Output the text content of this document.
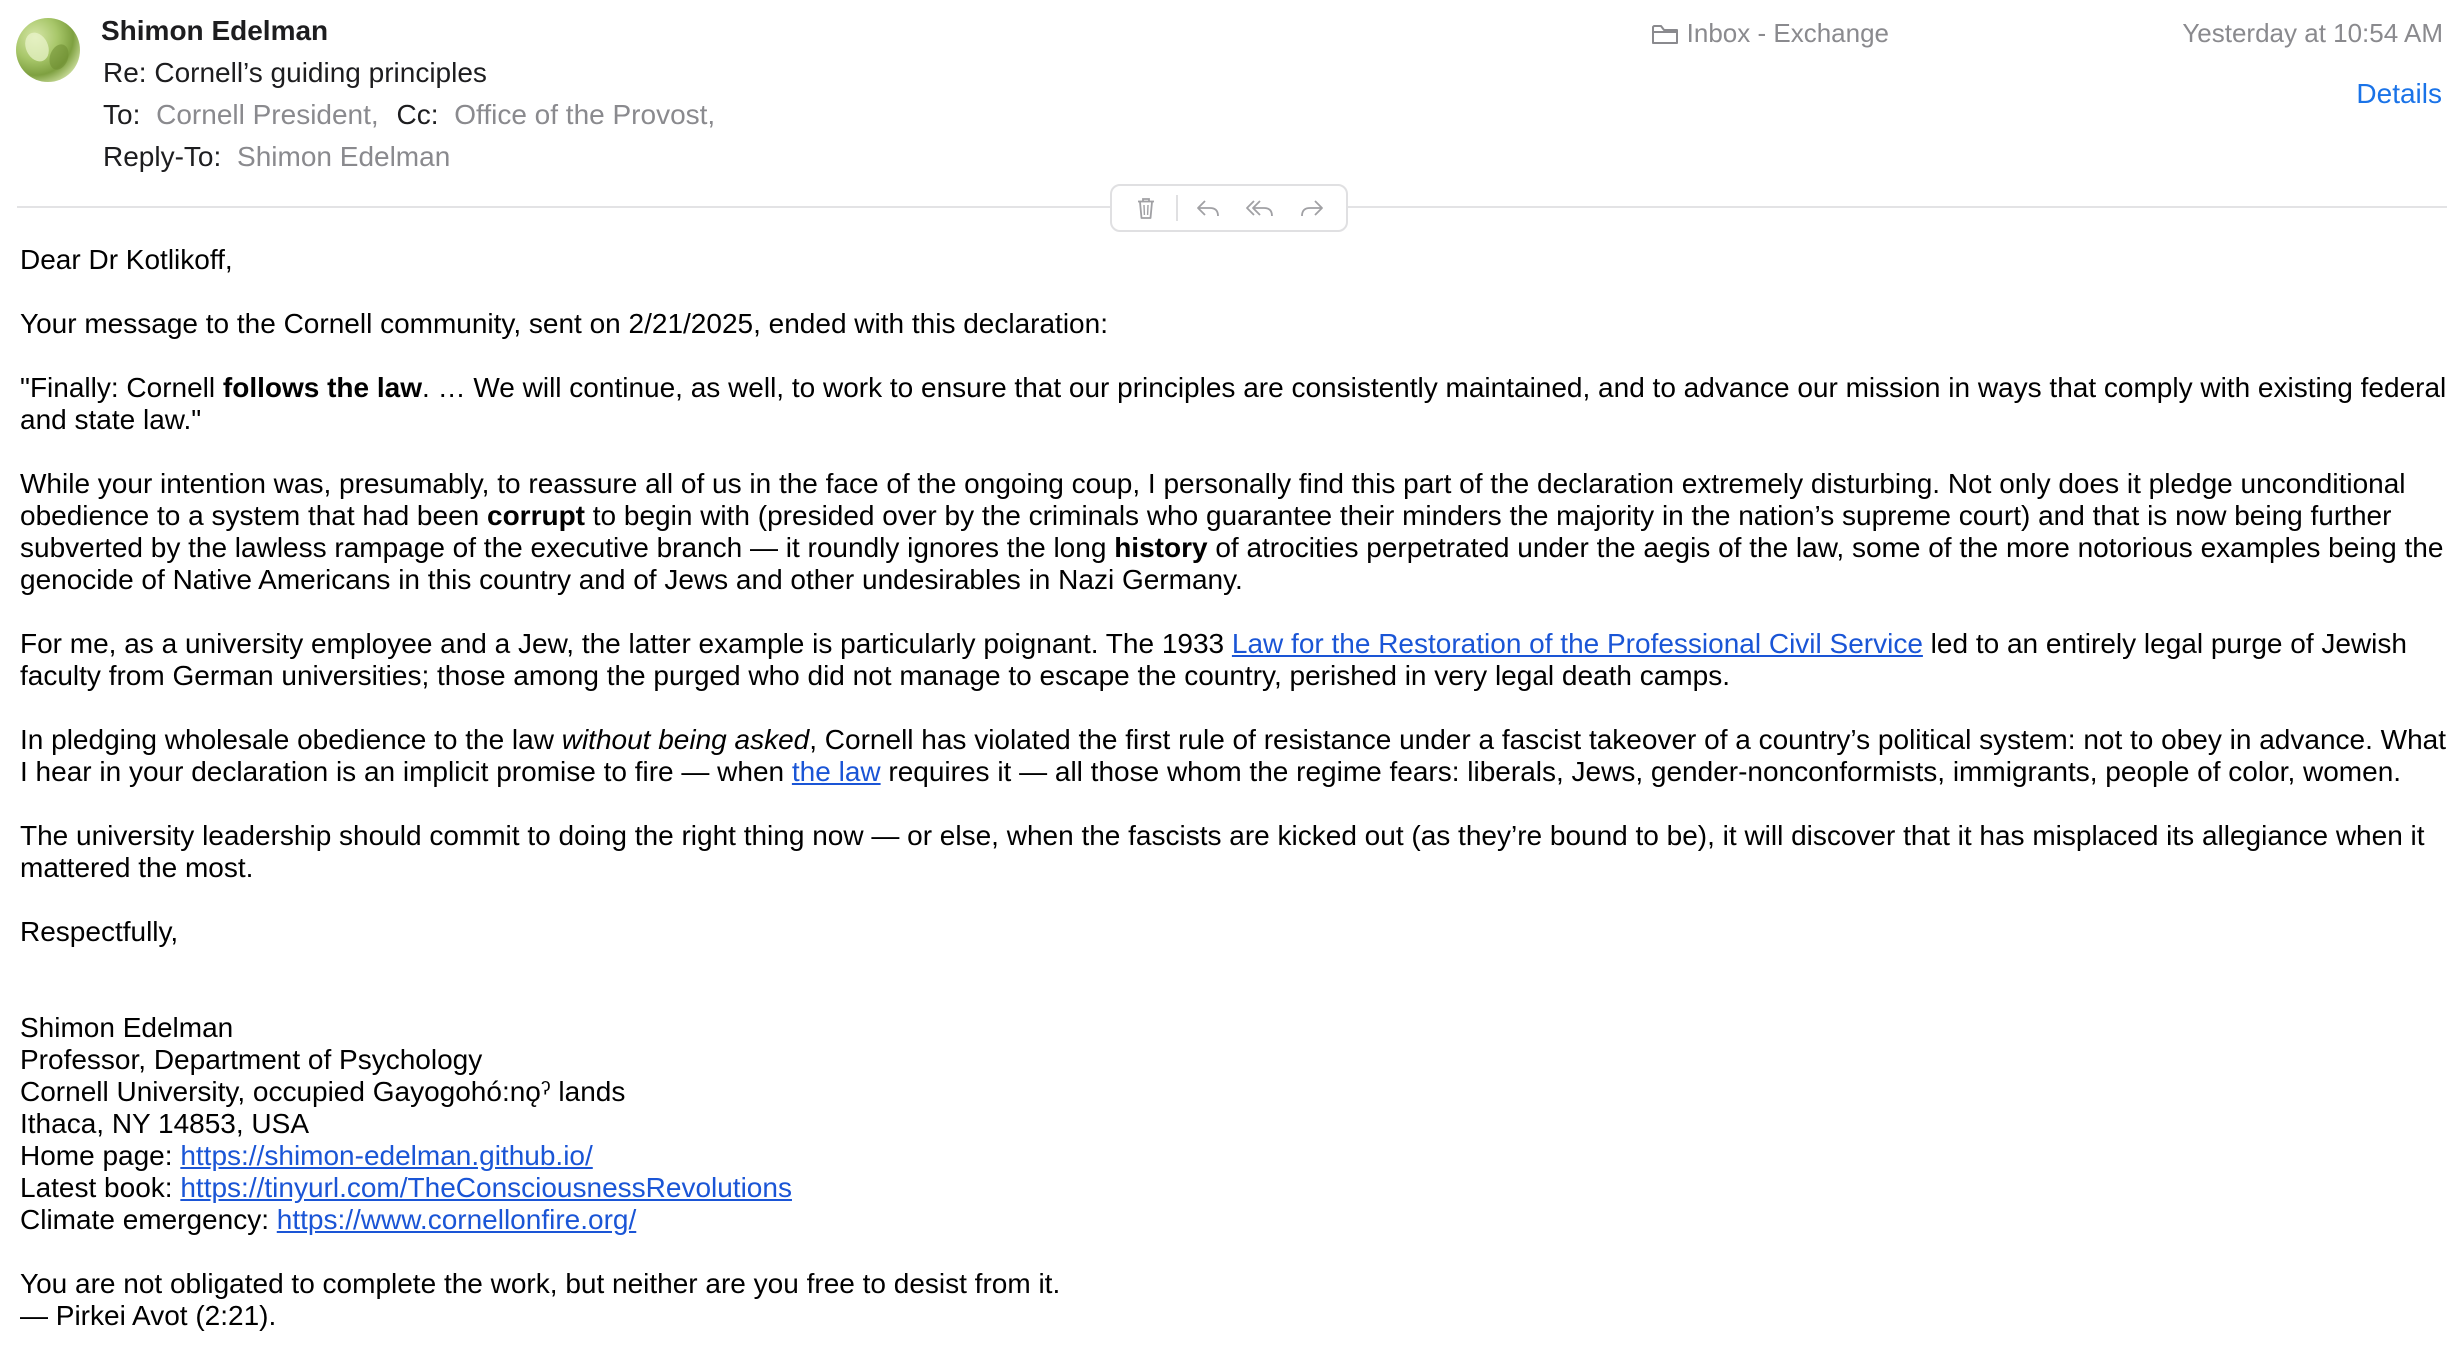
Shimon Edelman
Re: Cornell’s guiding principles
To: Cornell President, Cc: Office of the Provost,
Reply-To: Shimon Edelman
Inbox - Exchange	Yesterday at 10:54 AM
Details

Dear Dr Kotlikoff,

Your message to the Cornell community, sent on 2/21/2025, ended with this declaration:

"Finally: Cornell follows the law. … We will continue, as well, to work to ensure that our principles are consistently maintained, and to advance our mission in ways that comply with existing federal and state law."

While your intention was, presumably, to reassure all of us in the face of the ongoing coup, I personally find this part of the declaration extremely disturbing. Not only does it pledge unconditional obedience to a system that had been corrupt to begin with (presided over by the criminals who guarantee their minders the majority in the nation’s supreme court) and that is now being further subverted by the lawless rampage of the executive branch — it roundly ignores the long history of atrocities perpetrated under the aegis of the law, some of the more notorious examples being the genocide of Native Americans in this country and of Jews and other undesirables in Nazi Germany.

For me, as a university employee and a Jew, the latter example is particularly poignant. The 1933 Law for the Restoration of the Professional Civil Service led to an entirely legal purge of Jewish faculty from German universities; those among the purged who did not manage to escape the country, perished in very legal death camps.

In pledging wholesale obedience to the law without being asked, Cornell has violated the first rule of resistance under a fascist takeover of a country’s political system: not to obey in advance. What I hear in your declaration is an implicit promise to fire — when the law requires it — all those whom the regime fears: liberals, Jews, gender-nonconformists, immigrants, people of color, women.

The university leadership should commit to doing the right thing now — or else, when the fascists are kicked out (as they’re bound to be), it will discover that it has misplaced its allegiance when it mattered the most.

Respectfully,

Shimon Edelman
Professor, Department of Psychology
Cornell University, occupied Gayogohó:nǫˀ lands
Ithaca, NY 14853, USA
Home page: https://shimon-edelman.github.io/
Latest book: https://tinyurl.com/TheConsciousnessRevolutions
Climate emergency: https://www.cornellonfire.org/
You are not obligated to complete the work, but neither are you free to desist from it.
— Pirkei Avot (2:21).
